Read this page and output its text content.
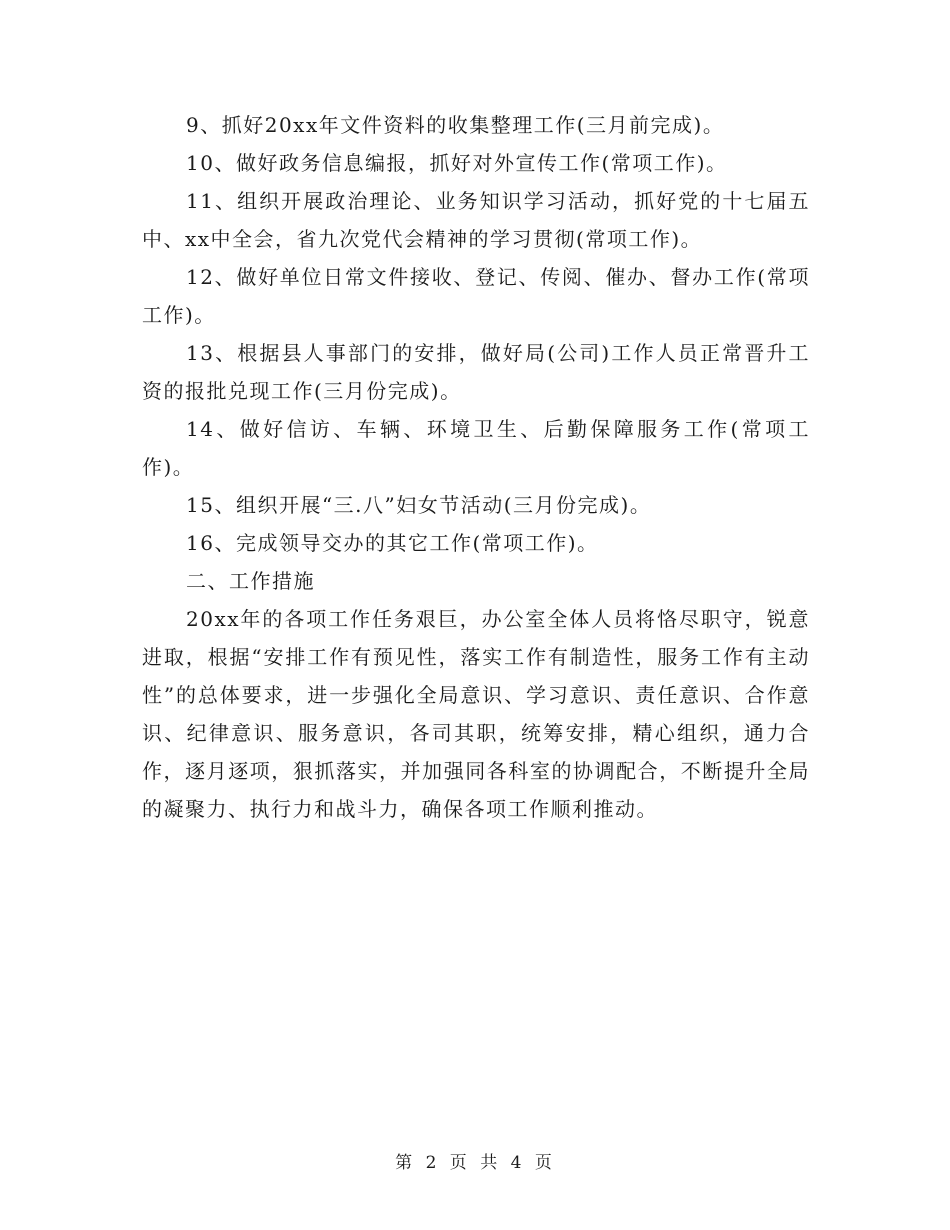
9、抓好20xx年文件资料的收集整理工作(三月前完成)。

10、做好政务信息编报，抓好对外宣传工作(常项工作)。

11、组织开展政治理论、业务知识学习活动，抓好党的十七届五中、xx中全会，省九次党代会精神的学习贯彻(常项工作)。

12、做好单位日常文件接收、登记、传阅、催办、督办工作(常项工作)。

13、根据县人事部门的安排，做好局(公司)工作人员正常晋升工资的报批兑现工作(三月份完成)。

14、做好信访、车辆、环境卫生、后勤保障服务工作(常项工作)。

15、组织开展“三.八”妇女节活动(三月份完成)。

16、完成领导交办的其它工作(常项工作)。

二、工作措施

20xx年的各项工作任务艰巨，办公室全体人员将恪尽职守，锐意进取，根据“安排工作有预见性，落实工作有制造性，服务工作有主动性”的总体要求，进一步强化全局意识、学习意识、责任意识、合作意识、纪律意识、服务意识，各司其职，统筹安排，精心组织，通力合作，逐月逐项，狠抓落实，并加强同各科室的协调配合，不断提升全局的凝聚力、执行力和战斗力，确保各项工作顺利推动。

第 2 页 共 4 页
